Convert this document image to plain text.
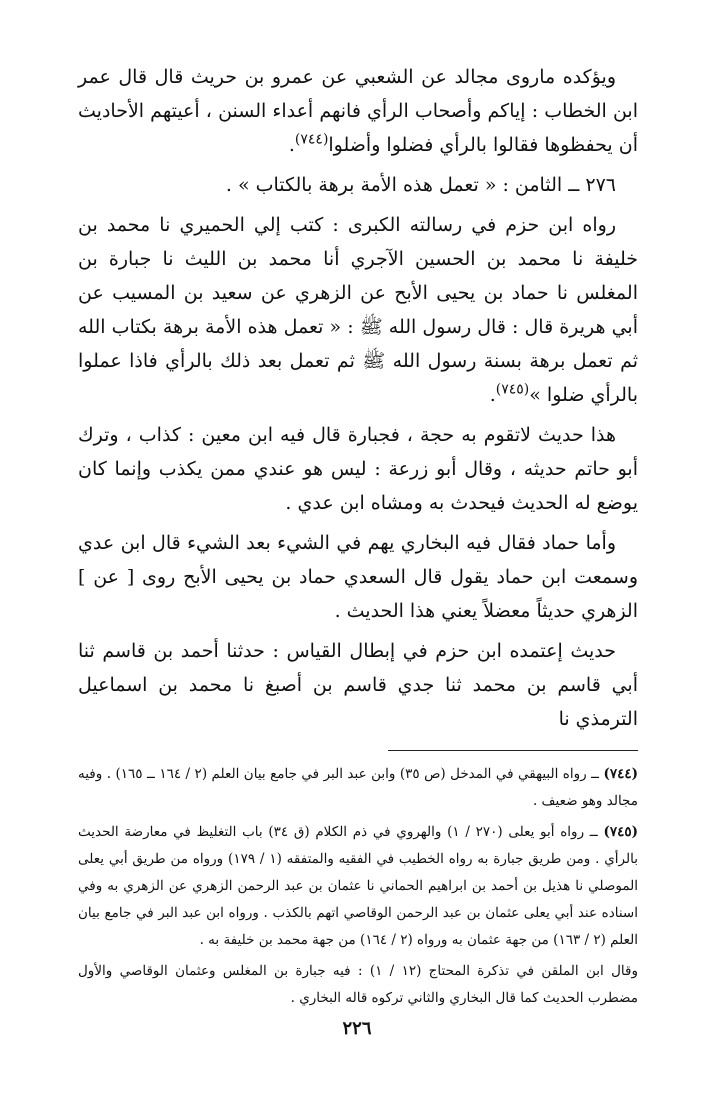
ويؤكده ماروى مجالد عن الشعبي عن عمرو بن حريث قال قال عمر ابن الخطاب : إياكم وأصحاب الرأي فانهم أعداء السنن ، أعيتهم الأحاديث أن يحفظوها فقالوا بالرأي فضلوا وأضلوا$^{(٧٤٤)}$.

٢٧٦ ــ الثامن : « تعمل هذه الأمة برهة بالكتاب » .

رواه ابن حزم في رسالته الكبرى : كتب إلي الحميري نا محمد بن خليفة نا محمد بن الحسين الآجري أنا محمد بن الليث نا جبارة بن المغلس نا حماد بن يحيى الأبح عن الزهري عن سعيد بن المسيب عن أبي هريرة قال : قال رسول الله ﷺ : « تعمل هذه الأمة برهة بكتاب الله ثم تعمل برهة بسنة رسول الله ﷺ ثم تعمل بعد ذلك بالرأي فاذا عملوا بالرأي ضلوا »$^{(٧٤٥)}$.

هذا حديث لاتقوم به حجة ، فجبارة قال فيه ابن معين : كذاب ، وترك أبو حاتم حديثه ، وقال أبو زرعة : ليس هو عندي ممن يكذب وإنما كان يوضع له الحديث فيحدث به ومشاه ابن عدي .

وأما حماد فقال فيه البخاري يهم في الشيء بعد الشيء قال ابن عدي وسمعت ابن حماد يقول قال السعدي حماد بن يحيى الأبح روى [ عن ] الزهري حديثاً معضلاً يعني هذا الحديث .

حديث إعتمده ابن حزم في إبطال القياس : حدثنا أحمد بن قاسم ثنا أبي قاسم بن محمد ثنا جدي قاسم بن أصبغ نا محمد بن اسماعيل الترمذي نا

(٧٤٤) ــ رواه البيهقي في المدخل (ص ٣٥) وابن عبد البر في جامع بيان العلم (٢ / ١٦٤ ــ ١٦٥) . وفيه مجالد وهو ضعيف .

(٧٤٥) ــ رواه أبو يعلى (٢٧٠ / ١) والهروي في ذم الكلام (ق ٣٤) باب التغليظ في معارضة الحديث بالرأي . ومن طريق جبارة به رواه الخطيب في الفقيه والمتفقه (١ / ١٧٩) ورواه من طريق أبي يعلى الموصلي نا هذيل بن أحمد بن ابراهيم الحماني نا عثمان بن عبد الرحمن الزهري عن الزهري به وفي اسناده عند أبي يعلى عثمان بن عبد الرحمن الوقاصي اتهم بالكذب . ورواه ابن عبد البر في جامع بيان العلم (٢ / ١٦٣) من جهة عثمان به ورواه (٢ / ١٦٤) من جهة محمد بن خليفة به .

وقال ابن الملقن في تذكرة المحتاج (١٢ / ١) : فيه جبارة بن المغلس وعثمان الوقاصي والأول مضطرب الحديث كما قال البخاري والثاني تركوه قاله البخاري .

٢٢٦
